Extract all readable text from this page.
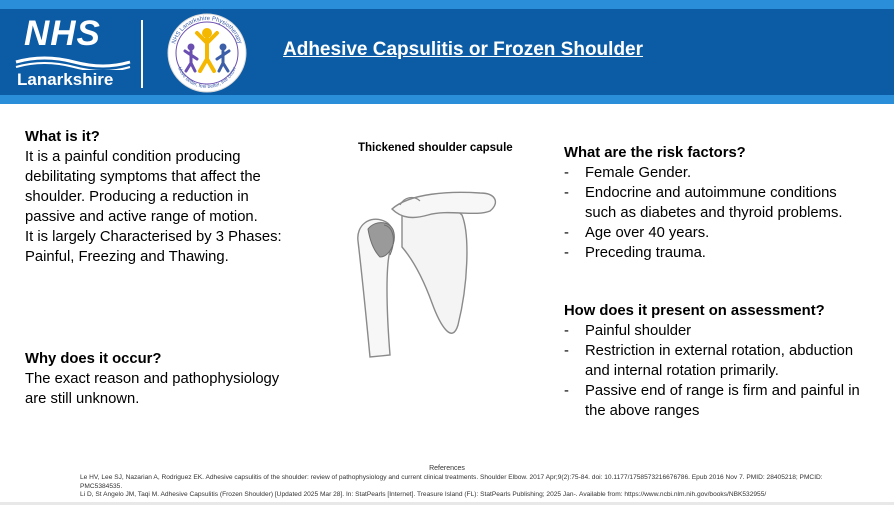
NHS
Lanarkshire
NHS Lanarkshire Physiotherapy
Move better, feel better, live better
Adhesive Capsulitis or Frozen Shoulder

What is it?

It is a painful condition producing debilitating symptoms that affect the shoulder. Producing a reduction in passive and active range of motion.

It is largely Characterised by 3 Phases:

Painful, Freezing and Thawing.

Why does it occur?

The exact reason and pathophysiology are still unknown.

Thickened shoulder capsule	What are the risk factors?

- Female Gender.
- Endocrine and autoimmune conditions such as diabetes and thyroid problems.
- Age over 40 years.
- Preceding trauma.

How does it present on assessment?

- Painful shoulder
- Restriction in external rotation, abduction and internal rotation primarily.
- Passive end of range is firm and painful in the above ranges
References

Le HV, Lee SJ, Nazarian A, Rodriguez EK. Adhesive capsulitis of the shoulder: review of pathophysiology and current clinical treatments. Shoulder Elbow. 2017 Apr;9(2):75-84. doi: 10.1177/1758573216676786. Epub 2016 Nov 7. PMID: 28405218; PMCID: PMC5384535.

Li D, St Angelo JM, Taqi M. Adhesive Capsulitis (Frozen Shoulder) [Updated 2025 Mar 28]. In: StatPearls [Internet]. Treasure Island (FL): StatPearls Publishing; 2025 Jan-. Available from: https://www.ncbi.nlm.nih.gov/books/NBK532955/
